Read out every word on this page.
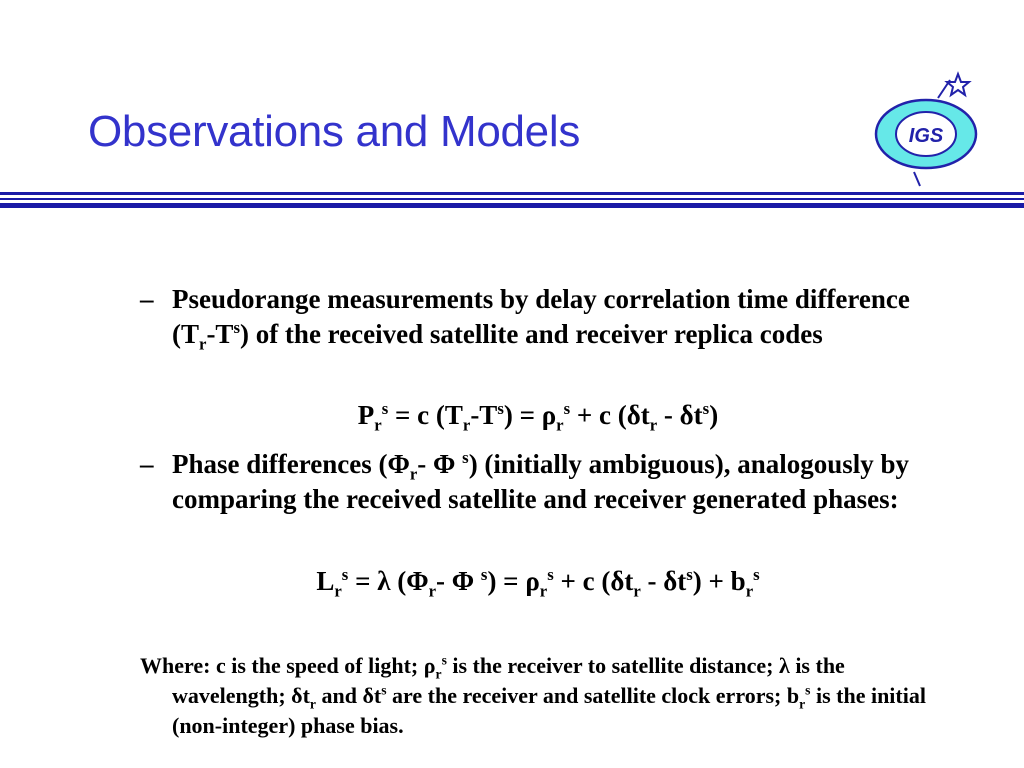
Observations and Models	IGS
– Pseudorange measurements by delay correlation time difference $(T_r-T^s)$ of the received satellite and receiver replica codes
$P_r^s = c$ $(T_r-T^s) = \rho_r^s + c$ $(\delta t_r - \delta t^s)$
– Phase differences ($\Phi_r-$ Φ $^s$) (initially ambiguous), analogously by comparing the received satellite and receiver generated phases:
$L_r^s = \lambda$ ($\Phi_r-$ Φ $^s) = \rho_r^s + c$ $(\delta t_r - \delta t^s) + b_r^s$
Where: c is the speed of light; $\rho_r^s$ is the receiver to satellite distance; λ is the wavelength; $\delta t_r$ and $\delta t^s$ are the receiver and satellite clock errors; $b_r^s$ is the initial (non-integer) phase bias.
